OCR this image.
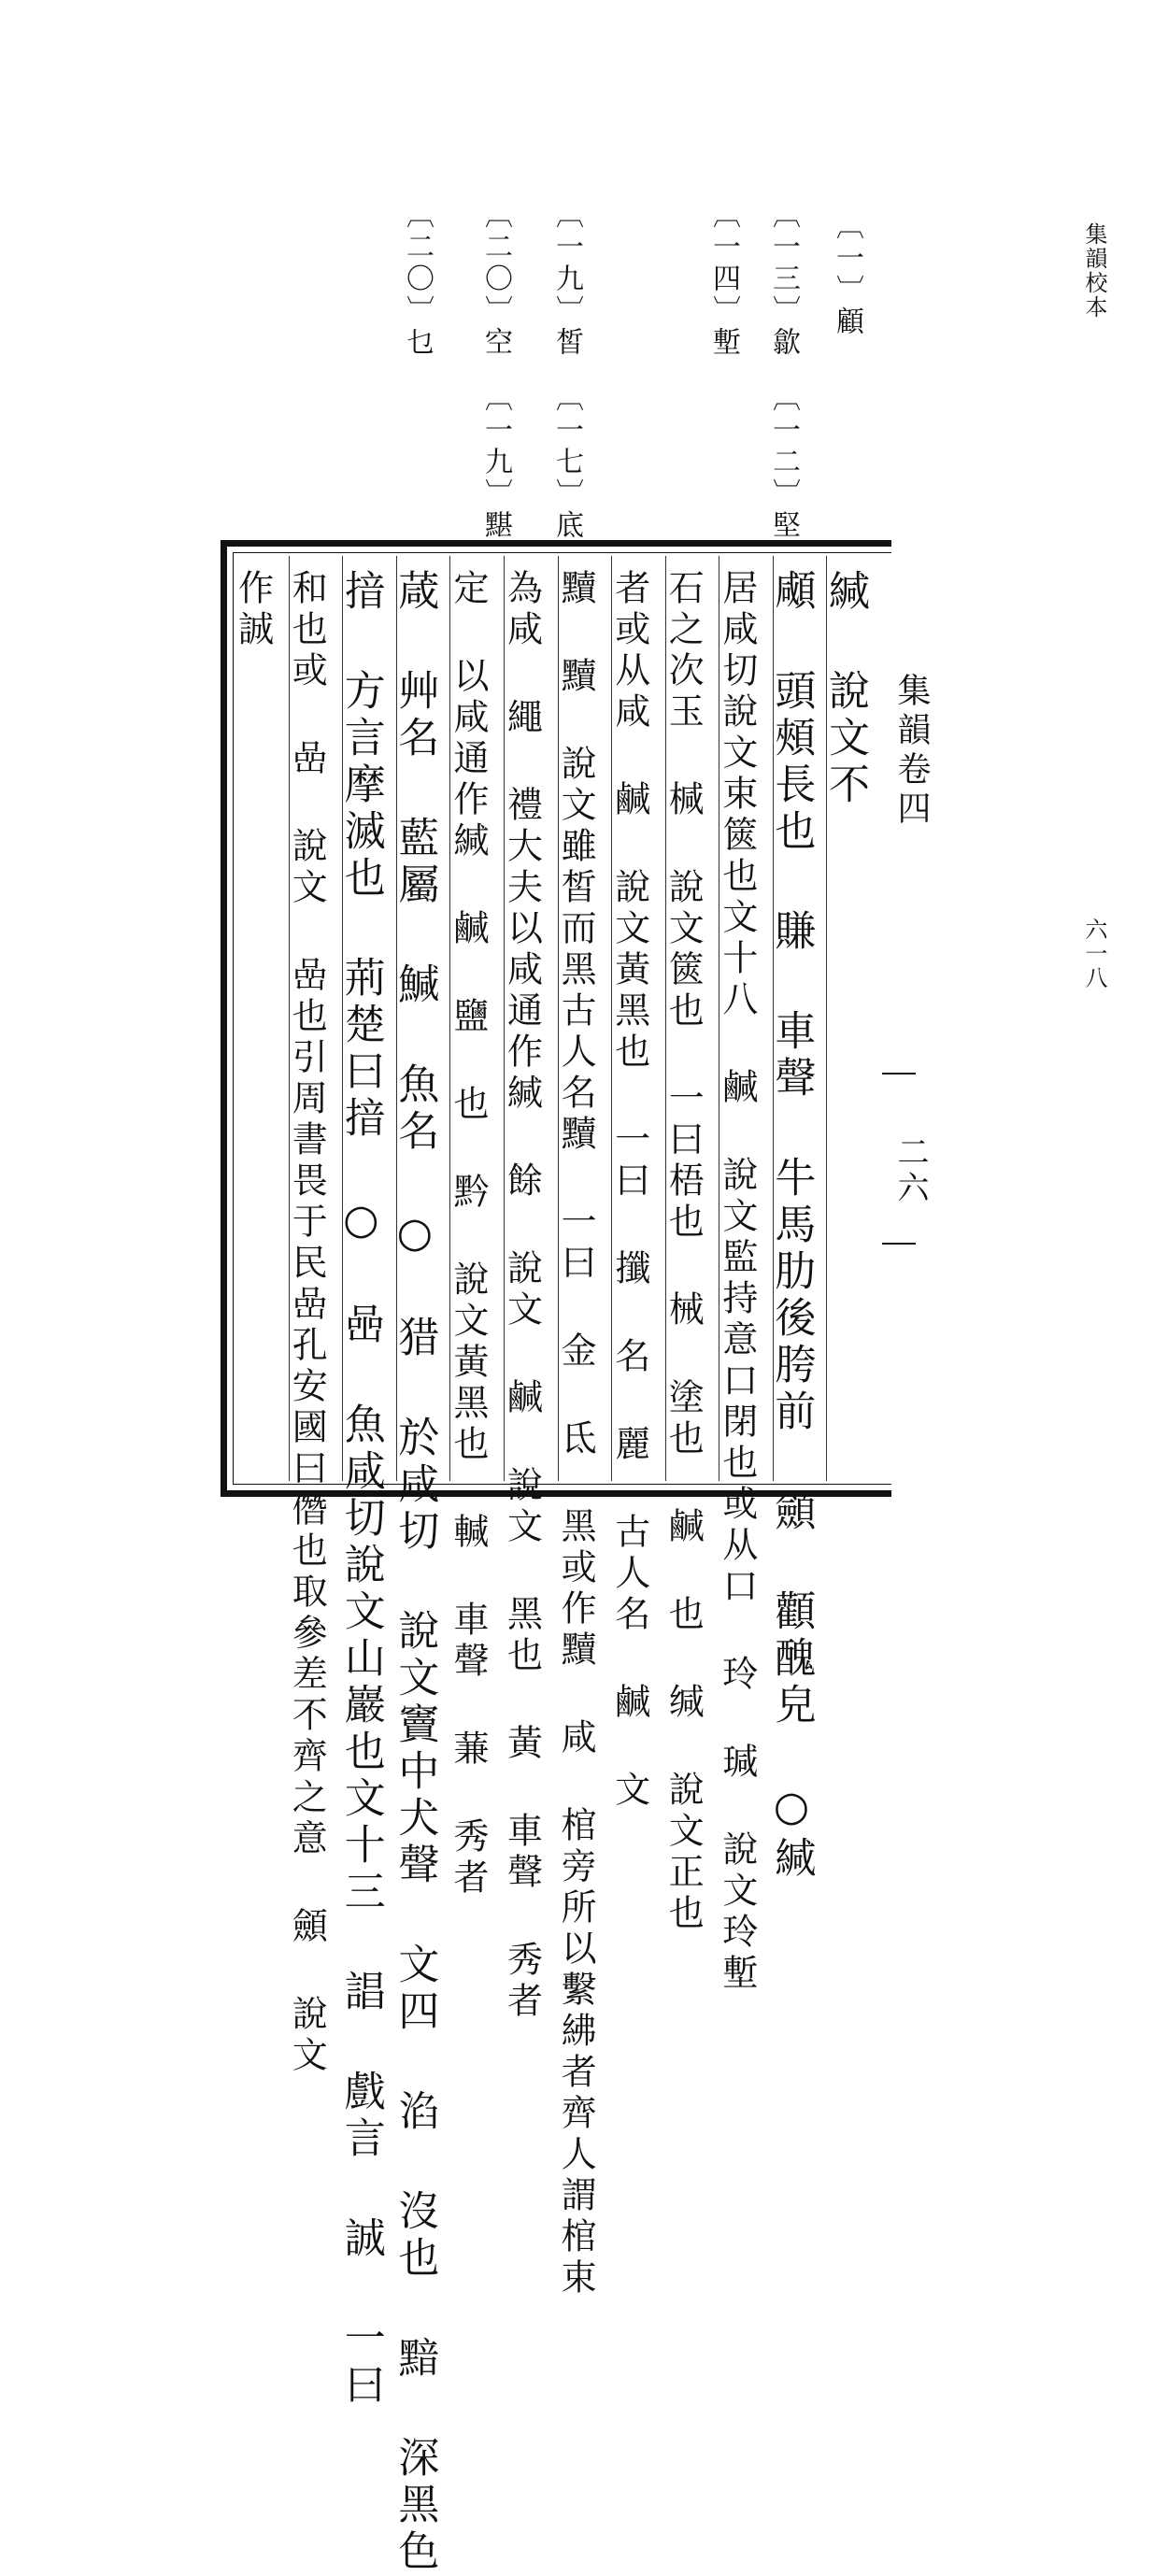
集韻校本
六一八
〔一〕顧
〔一三〕歙
〔一四〕塹
〔一九〕皙
〔二〇〕空
〔二〇〕乜
〔一二〕堅
〔一七〕底
〔一九〕黮
緘 說文不
顑 頭頰長也 賺 車聲 牛馬肋後胯前 顩 顴醜皃 ○緘
居咸切說文束篋也文十八 鹹 說文監持意口閉也或从口 玲 瑊 說文玲塹
石之次玉 椷 說文篋也 一曰梧也 械 塗也 鹹 也 缄 說文正也
者或从咸 鹹 說文黃黑也 一曰 攕 名 麗 古人名 鹹 文
黷 黷 說文雖皙而黑古人名黷 一曰 金 氐 黑或作黷 咸 棺旁所以繫紼者齊人謂棺束
為咸 繩 禮大夫以咸通作緘 餘 說文 鹹 說文 黑也 黃 車聲 秀者
定 以咸通作緘 鹹 鹽 也 黔 說文黃黑也 輱 車聲 蒹 秀者
葴 艸名 藍屬 鰔 魚名 ○ 猎 於咸切 說文竇中犬聲 文四 淊 沒也 黯 深黑色
揞 方言摩滅也 荊楚曰揞 ○ 喦 魚咸切說文山巖也文十三 誯 戲言 誠 一曰
和也或 嵒 說文 嵒也引周書畏于民嵒孔安國曰僭也取參差不齊之意 顩 說文
作誠
集韻卷四
二六
